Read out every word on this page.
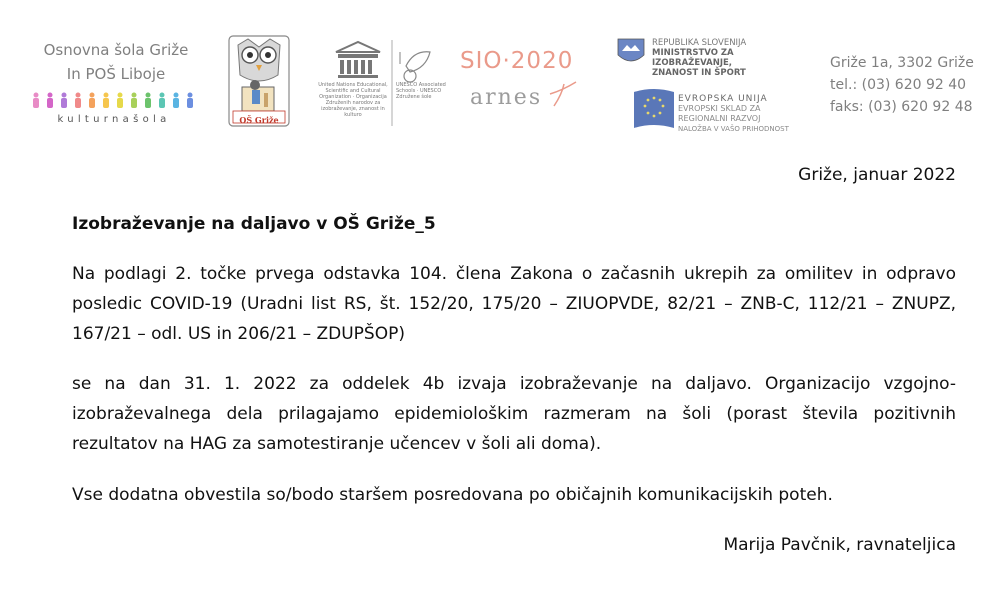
Osnovna šola Griže
In POŠ Liboje
kulturnašola	OŠ Griže
United Nations Educational, Scientific and Cultural Organization · Organizacija Združenih narodov za izobraževanje, znanost in kulturo
UNESCO Associated Schools · UNESCO Združene šole
SIO·2020
arnes
REPUBLIKA SLOVENIJA
MINISTRSTVO ZA IZOBRAŽEVANJE,
ZNANOST IN ŠPORT
EVROPSKA UNIJA
EVROPSKI SKLAD ZA
REGIONALNI RAZVOJ
NALOŽBA V VAŠO PRIHODNOST
Griže 1a, 3302 Griže
tel.: (03) 620 92 40
faks: (03) 620 92 48
Griže, januar 2022
Izobraževanje na daljavo v OŠ Griže_5

Na podlagi 2. točke prvega odstavka 104. člena Zakona o začasnih ukrepih za omilitev in odpravo posledic COVID-19 (Uradni list RS, št. 152/20, 175/20 – ZIUOPVDE, 82/21 – ZNB-C, 112/21 – ZNUPZ, 167/21 – odl. US in 206/21 – ZDUPŠOP)

se na dan 31. 1. 2022 za oddelek 4b izvaja izobraževanje na daljavo. Organizacijo vzgojno-izobraževalnega dela prilagajamo epidemiološkim razmeram na šoli (porast števila pozitivnih rezultatov na HAG za samotestiranje učencev v šoli ali doma).

Vse dodatna obvestila so/bodo staršem posredovana po običajnih komunikacijskih poteh.

Marija Pavčnik, ravnateljica
